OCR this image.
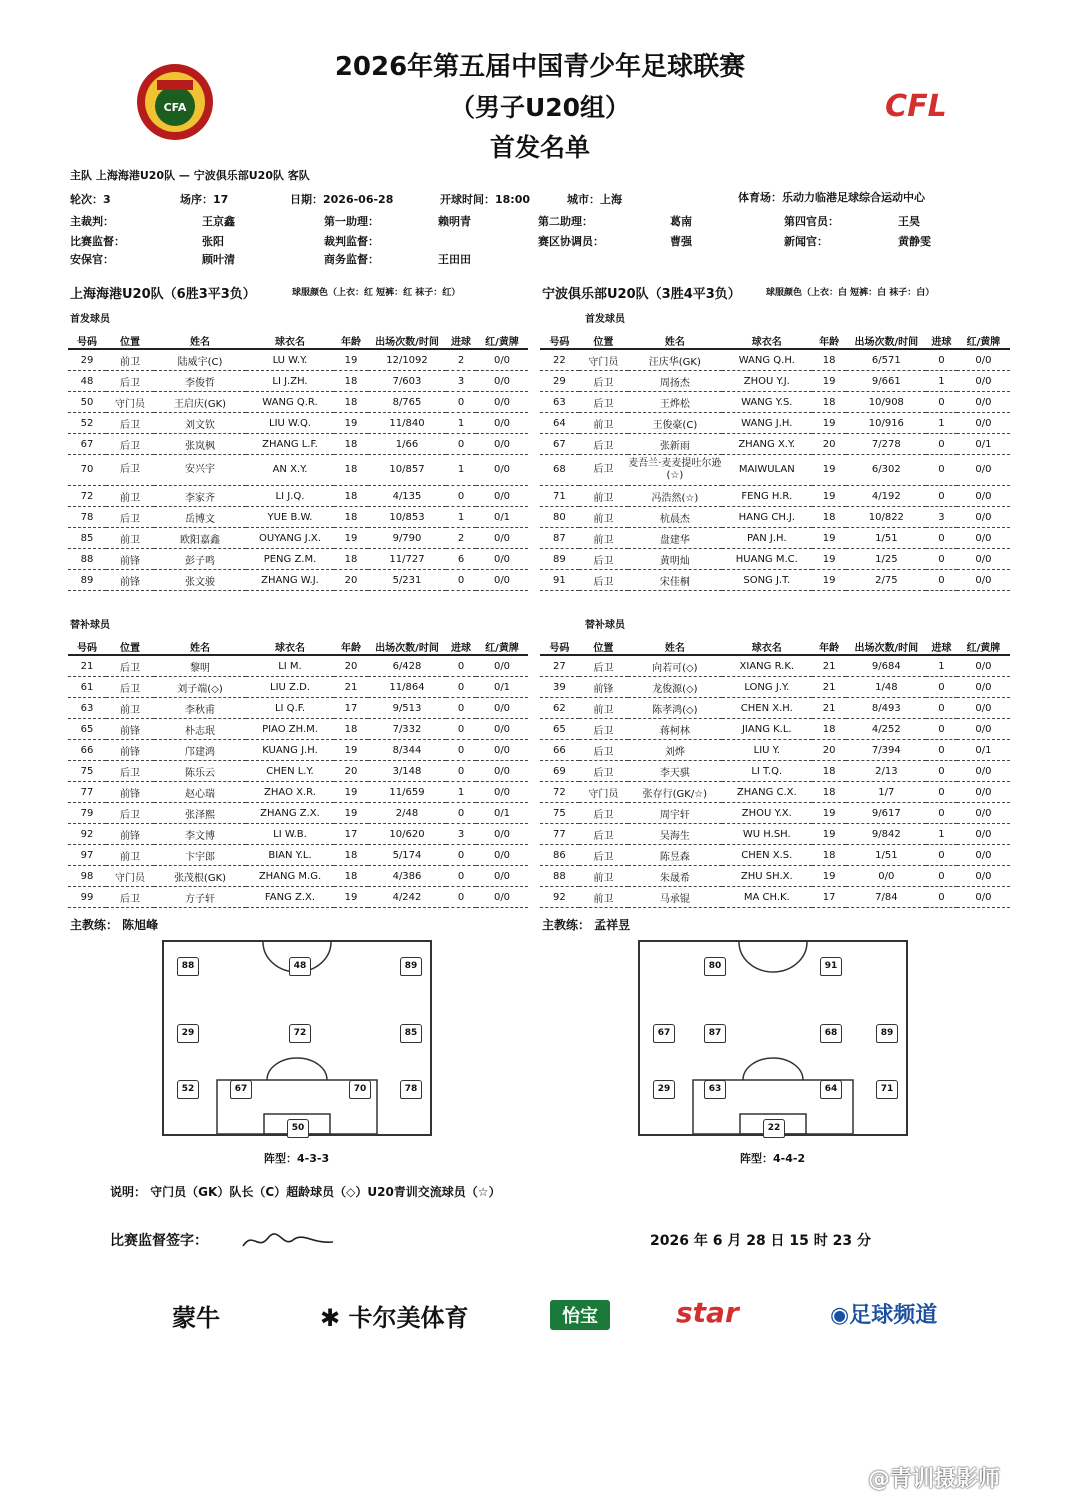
CFA	CFL
2026年第五届中国青少年足球联赛
（男子U20组）
首发名单
主队 上海海港U20队 — 宁波俱乐部U20队 客队
轮次：3	场序：17	日期：2026-06-28	开球时间：18:00	城市：上海	体育场：乐动力临港足球综合运动中心
主裁判：	王京鑫	第一助理：	赖明青	第二助理：	葛南	第四官员：	王昊
比赛监督：	张阳	裁判监督：	赛区协调员：	曹强	新闻官：	黄静雯
安保官：	顾叶清	商务监督：	王田田
上海海港U20队（6胜3平3负）	球服颜色（上衣：红 短裤：红 袜子：红）	宁波俱乐部U20队（3胜4平3负）	球服颜色（上衣：白 短裤：白 袜子：白）
首发球员	首发球员
号码	位置	姓名	球衣名	年龄	出场次数/时间	进球	红/黄牌
29	前卫	陆威宇(C)	LU W.Y.	19	12/1092	2	0/0
48	后卫	李俊哲	LI J.ZH.	18	7/603	3	0/0
50	守门员	王启庆(GK)	WANG Q.R.	18	8/765	0	0/0
52	后卫	刘文钦	LIU W.Q.	19	11/840	1	0/0
67	后卫	张岚枫	ZHANG L.F.	18	1/66	0	0/0
70	后卫	安兴宇	AN X.Y.	18	10/857	1	0/0
72	前卫	李家齐	LI J.Q.	18	4/135	0	0/0
78	后卫	岳博文	YUE B.W.	18	10/853	1	0/1
85	前卫	欧阳嘉鑫	OUYANG J.X.	19	9/790	2	0/0
88	前锋	彭子鸣	PENG Z.M.	18	11/727	6	0/0
89	前锋	张文骏	ZHANG W.J.	20	5/231	0	0/0
号码	位置	姓名	球衣名	年龄	出场次数/时间	进球	红/黄牌
22	守门员	汪庆华(GK)	WANG Q.H.	18	6/571	0	0/0
29	后卫	周扬杰	ZHOU Y.J.	19	9/661	1	0/0
63	后卫	王烨松	WANG Y.S.	18	10/908	0	0/0
64	前卫	王俊豪(C)	WANG J.H.	19	10/916	1	0/0
67	后卫	张新雨	ZHANG X.Y.	20	7/278	0	0/1
68	后卫	麦吾兰·麦麦提吐尔逊(☆)	MAIWULAN	19	6/302	0	0/0
71	前卫	冯浩然(☆)	FENG H.R.	19	4/192	0	0/0
80	前卫	杭晨杰	HANG CH.J.	18	10/822	3	0/0
87	前卫	盘建华	PAN J.H.	19	1/51	0	0/0
89	后卫	黄明灿	HUANG M.C.	19	1/25	0	0/0
91	后卫	宋佳桐	SONG J.T.	19	2/75	0	0/0
替补球员	替补球员
号码	位置	姓名	球衣名	年龄	出场次数/时间	进球	红/黄牌
21	后卫	黎明	LI M.	20	6/428	0	0/0
61	后卫	刘子端(◇)	LIU Z.D.	21	11/864	0	0/1
63	前卫	李秋甫	LI Q.F.	17	9/513	0	0/0
65	前锋	朴志珉	PIAO ZH.M.	18	7/332	0	0/0
66	前锋	邝建鸿	KUANG J.H.	19	8/344	0	0/0
75	后卫	陈乐云	CHEN L.Y.	20	3/148	0	0/0
77	前锋	赵心瑞	ZHAO X.R.	19	11/659	1	0/0
79	后卫	张泽熙	ZHANG Z.X.	19	2/48	0	0/1
92	前锋	李文博	LI W.B.	17	10/620	3	0/0
97	前卫	卞宇郎	BIAN Y.L.	18	5/174	0	0/0
98	守门员	张茂根(GK)	ZHANG M.G.	18	4/386	0	0/0
99	后卫	方子轩	FANG Z.X.	19	4/242	0	0/0
号码	位置	姓名	球衣名	年龄	出场次数/时间	进球	红/黄牌
27	后卫	向若可(◇)	XIANG R.K.	21	9/684	1	0/0
39	前锋	龙俊源(◇)	LONG J.Y.	21	1/48	0	0/0
62	前卫	陈孝鸿(◇)	CHEN X.H.	21	8/493	0	0/0
65	后卫	蒋柯林	JIANG K.L.	18	4/252	0	0/0
66	后卫	刘烨	LIU Y.	20	7/394	0	0/1
69	后卫	李天骐	LI T.Q.	18	2/13	0	0/0
72	守门员	张存行(GK/☆)	ZHANG C.X.	18	1/7	0	0/0
75	后卫	周宇轩	ZHOU Y.X.	19	9/617	0	0/0
77	后卫	吴海生	WU H.SH.	19	9/842	1	0/0
86	后卫	陈昱森	CHEN X.S.	18	1/51	0	0/0
88	前卫	朱晟希	ZHU SH.X.	19	0/0	0	0/0
92	前卫	马承锟	MA CH.K.	17	7/84	0	0/0
主教练： 陈旭峰	主教练： 孟祥昱
88	48	89
29	72	85
52	67	70	78
50
80	91
67	87	68	89
29	63	64	71
22
阵型：4-3-3	阵型：4-4-2
说明： 守门员（GK）队长（C）超龄球员（◇）U20青训交流球员（☆）
比赛监督签字：	2026 年 6 月 28 日 15 时 23 分
蒙牛	✱ 卡尔美体育	怡宝	star	◉足球频道
@青训摄影师
